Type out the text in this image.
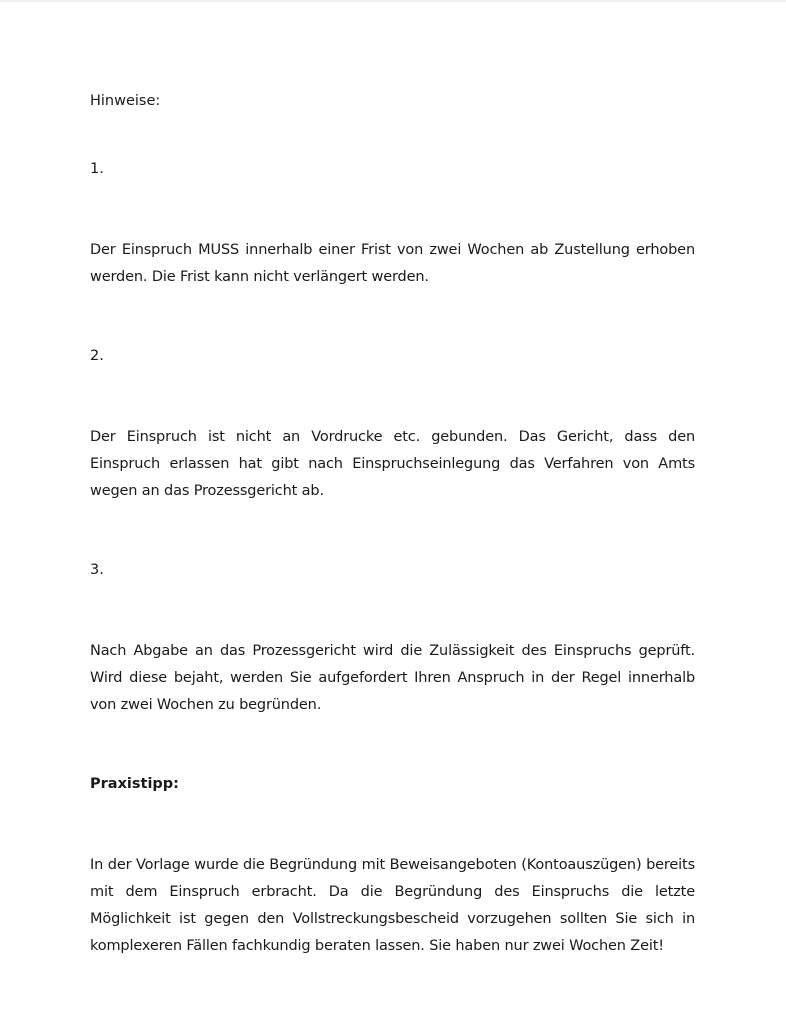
Hinweise:

1.

Der Einspruch MUSS innerhalb einer Frist von zwei Wochen ab Zustellung erhoben werden. Die Frist kann nicht verlängert werden.

2.

Der Einspruch ist nicht an Vordrucke etc. gebunden. Das Gericht, dass den Einspruch erlassen hat gibt nach Einspruchseinlegung das Verfahren von Amts wegen an das Prozessgericht ab.

3.

Nach Abgabe an das Prozessgericht wird die Zulässigkeit des Einspruchs geprüft. Wird diese bejaht, werden Sie aufgefordert Ihren Anspruch in der Regel innerhalb von zwei Wochen zu begründen.

Praxistipp:

In der Vorlage wurde die Begründung mit Beweisangeboten (Kontoauszügen) bereits mit dem Einspruch erbracht. Da die Begründung des Einspruchs die letzte Möglichkeit ist gegen den Vollstreckungsbescheid vorzugehen sollten Sie sich in komplexeren Fällen fachkundig beraten lassen. Sie haben nur zwei Wochen Zeit!
